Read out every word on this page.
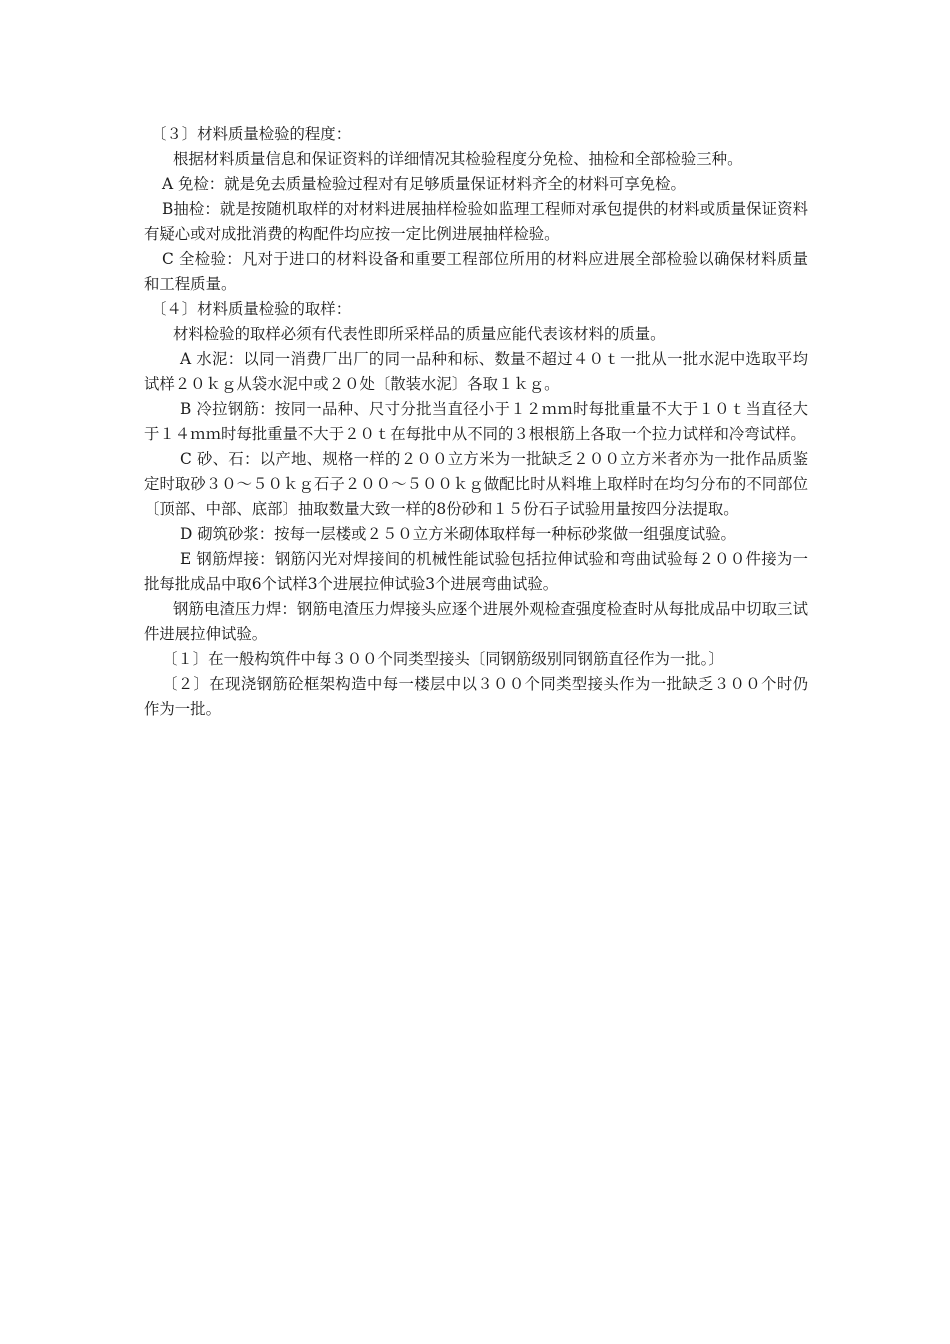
〔３〕材料质量检验的程度：

根据材料质量信息和保证资料的详细情况其检验程度分免检、抽检和全部检验三种。

A 免检：就是免去质量检验过程对有足够质量保证材料齐全的材料可享免检。

B抽检：就是按随机取样的对材料进展抽样检验如监理工程师对承包提供的材料或质量保证资料有疑心或对成批消费的构配件均应按一定比例进展抽样检验。

C 全检验：凡对于进口的材料设备和重要工程部位所用的材料应进展全部检验以确保材料质量和工程质量。

〔４〕材料质量检验的取样：

材料检验的取样必须有代表性即所采样品的质量应能代表该材料的质量。

A 水泥：以同一消费厂出厂的同一品种和标、数量不超过４０ｔ一批从一批水泥中选取平均试样２０ｋｇ从袋水泥中或２０处〔散装水泥〕各取１ｋｇ。

B 冷拉钢筋：按同一品种、尺寸分批当直径小于１２ｍｍ时每批重量不大于１０ｔ当直径大于１４ｍｍ时每批重量不大于２０ｔ在每批中从不同的３根根筋上各取一个拉力试样和冷弯试样。

C 砂、石：以产地、规格一样的２００立方米为一批缺乏２００立方米者亦为一批作品质鉴定时取砂３０～５０ｋｇ石子２００～５００ｋｇ做配比时从料堆上取样时在均匀分布的不同部位〔顶部、中部、底部〕抽取数量大致一样的8份砂和１５份石子试验用量按四分法提取。

D 砌筑砂浆：按每一层楼或２５０立方米砌体取样每一种标砂浆做一组强度试验。

E 钢筋焊接：钢筋闪光对焊接间的机械性能试验包括拉伸试验和弯曲试验每２００件接为一批每批成品中取6个试样3个进展拉伸试验3个进展弯曲试验。

钢筋电渣压力焊：钢筋电渣压力焊接头应逐个进展外观检查强度检查时从每批成品中切取三试件进展拉伸试验。

〔１〕在一般构筑件中每３００个同类型接头〔同钢筋级别同钢筋直径作为一批。〕

〔２〕在现浇钢筋砼框架构造中每一楼层中以３００个同类型接头作为一批缺乏３００个时仍作为一批。
